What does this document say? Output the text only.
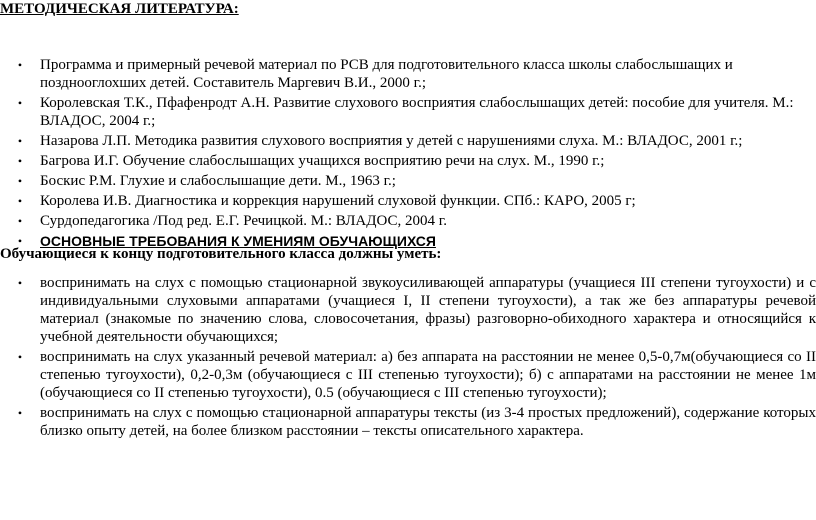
МЕТОДИЧЕСКАЯ ЛИТЕРАТУРА:
• Программа и примерный речевой материал по РСВ для подготовительного класса школы слабослышащих и позднооглохших детей. Составитель Маргевич В.И., 2000 г.;
• Королевская Т.К., Пфафенродт А.Н. Развитие слухового восприятия слабослышащих детей: пособие для учителя. М.: ВЛАДОС, 2004 г.;
• Назарова Л.П. Методика развития слухового восприятия у детей с нарушениями слуха. М.: ВЛАДОС, 2001 г.;
• Багрова И.Г. Обучение слабослышащих учащихся восприятию речи на слух. М., 1990 г.;
• Боскис Р.М. Глухие и слабослышащие дети. М., 1963 г.;
• Королева И.В. Диагностика и коррекция нарушений слуховой функции. СПб.: КАРО, 2005 г;
• Сурдопедагогика /Под ред. Е.Г. Речицкой. М.: ВЛАДОС, 2004 г.
• ОСНОВНЫЕ ТРЕБОВАНИЯ К УМЕНИЯМ ОБУЧАЮЩИХСЯ
Обучающиеся к концу подготовительного класса должны уметь:
• воспринимать на слух с помощью стационарной звукоусиливающей аппаратуры (учащиеся III степени тугоухости) и с индивидуальными слуховыми аппаратами (учащиеся I, II степени тугоухости), а так же без аппаратуры речевой материал (знакомые по значению слова, словосочетания, фразы) разговорно-обиходного характера и относящийся к учебной деятельности обучающихся;
• воспринимать на слух указанный речевой материал: а) без аппарата на расстоянии не менее 0,5-0,7м(обучающиеся со II степенью тугоухости), 0,2-0,3м (обучающиеся с III степенью тугоухости); б) с аппаратами на расстоянии не менее 1м (обучающиеся со II степенью тугоухости), 0.5 (обучающиеся с III степенью тугоухости);
• воспринимать на слух с помощью стационарной аппаратуры тексты (из 3-4 простых предложений), содержание которых близко опыту детей, на более близком расстоянии – тексты описательного характера.
